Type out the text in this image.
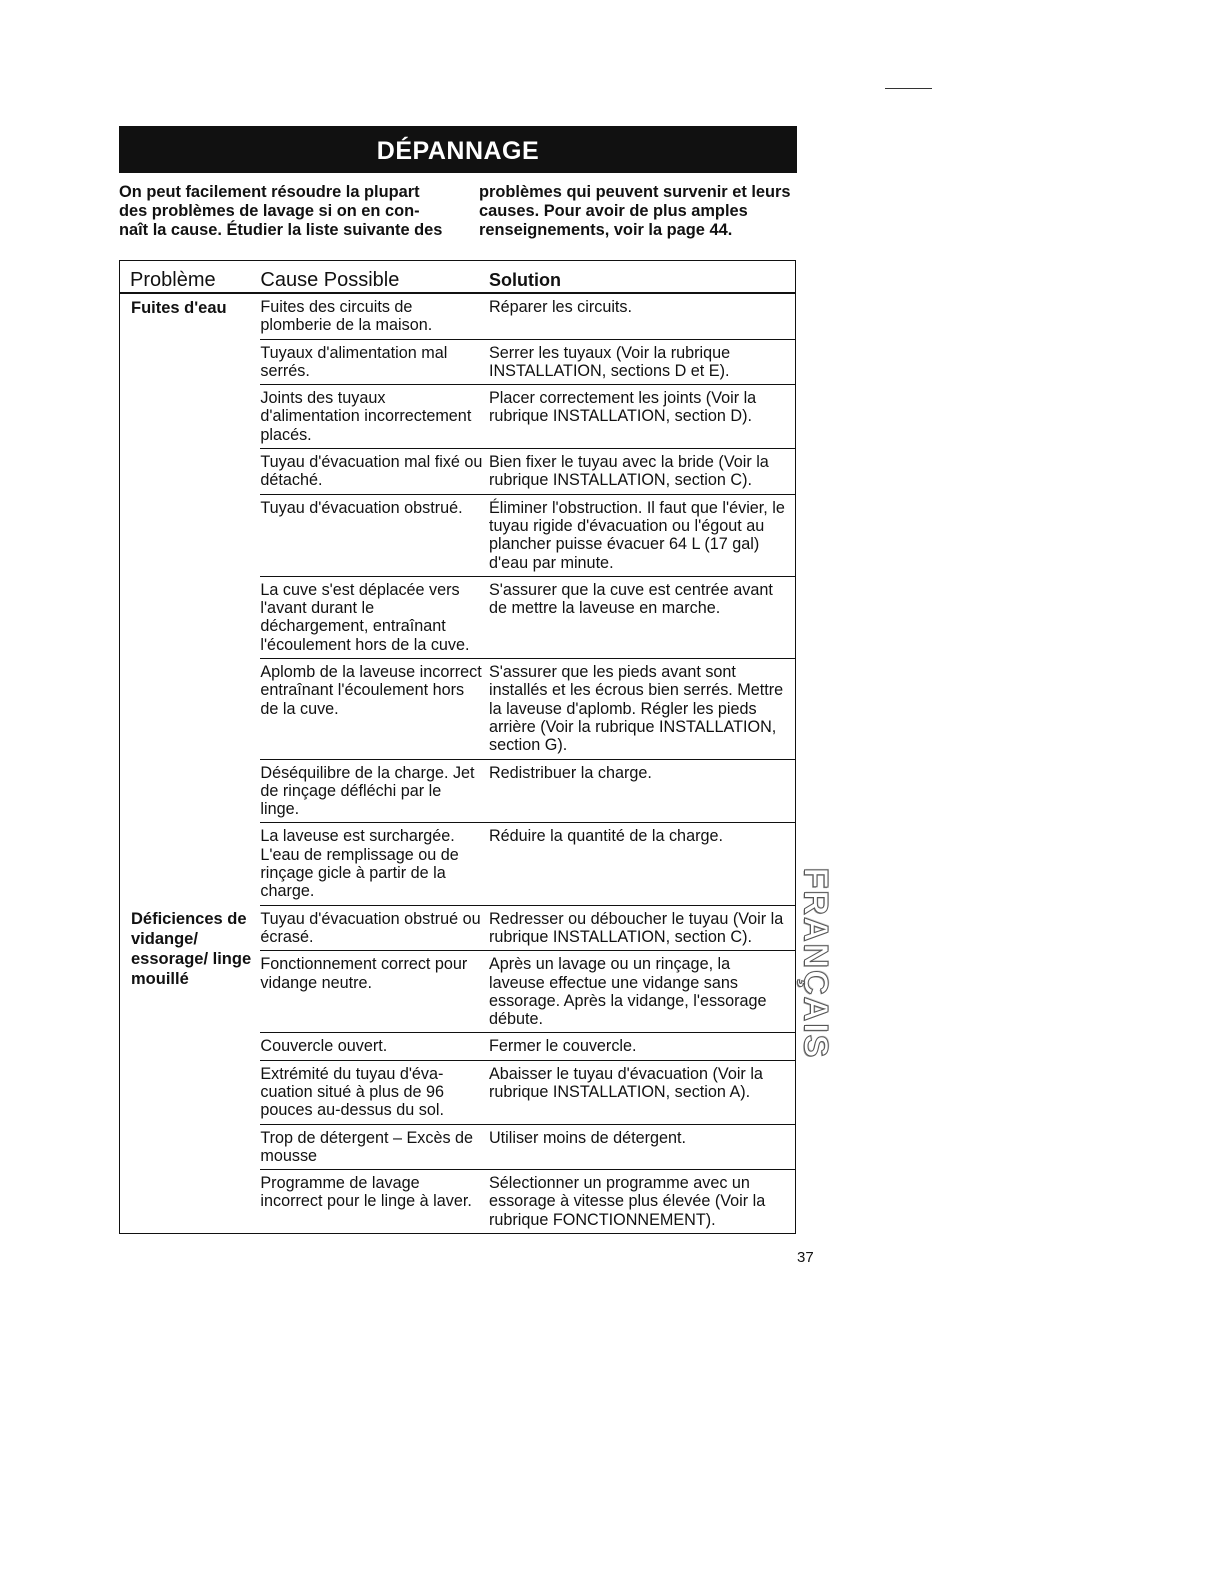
DÉPANNAGE
On peut facilement résoudre la plupart des problèmes de lavage si on en con-naît la cause. Étudier la liste suivante des problèmes qui peuvent survenir et leurs causes. Pour avoir de plus amples renseignements, voir la page 44.
Problème	Cause Possible	Solution
Fuites d'eau	Fuites des circuits de plomberie de la maison.	Réparer les circuits.
	Tuyaux d'alimentation mal serrés.	Serrer les tuyaux (Voir la rubrique INSTALLATION, sections D et E).
	Joints des tuyaux d'alimentation incorrectement placés.	Placer correctement les joints (Voir la rubrique INSTALLATION, section D).
	Tuyau d'évacuation mal fixé ou détaché.	Bien fixer le tuyau avec la bride (Voir la rubrique INSTALLATION, section C).
	Tuyau d'évacuation obstrué.	Éliminer l'obstruction. Il faut que l'évier, le tuyau rigide d'évacuation ou l'égout au plancher puisse évacuer 64 L (17 gal) d'eau par minute.
	La cuve s'est déplacée vers l'avant durant le déchargement, entraînant l'écoulement hors de la cuve.	S'assurer que la cuve est centrée avant de mettre la laveuse en marche.
	Aplomb de la laveuse incorrect entraînant l'écoulement hors de la cuve.	S'assurer que les pieds avant sont installés et les écrous bien serrés. Mettre la laveuse d'aplomb. Régler les pieds arrière (Voir la rubrique INSTALLATION, section G).
	Déséquilibre de la charge. Jet de rinçage défléchi par le linge.	Redistribuer la charge.
	La laveuse est surchargée. L'eau de remplissage ou de rinçage gicle à partir de la charge.	Réduire la quantité de la charge.
Déficiences de vidange/ essorage/ linge mouillé	Tuyau d'évacuation obstrué ou écrasé.	Redresser ou déboucher le tuyau (Voir la rubrique INSTALLATION, section C).
	Fonctionnement correct pour vidange neutre.	Après un lavage ou un rinçage, la laveuse effectue une vidange sans essorage. Après la vidange, l'essorage débute.
	Couvercle ouvert.	Fermer le couvercle.
	Extrémité du tuyau d'éva-cuation situé à plus de 96 pouces au-dessus du sol.	Abaisser le tuyau d'évacuation (Voir la rubrique INSTALLATION, section A).
	Trop de détergent – Excès de mousse	Utiliser moins de détergent.
	Programme de lavage incorrect pour le linge à laver.	Sélectionner un programme avec un essorage à vitesse plus élevée (Voir la rubrique FONCTIONNEMENT).
FRANÇAIS
37
